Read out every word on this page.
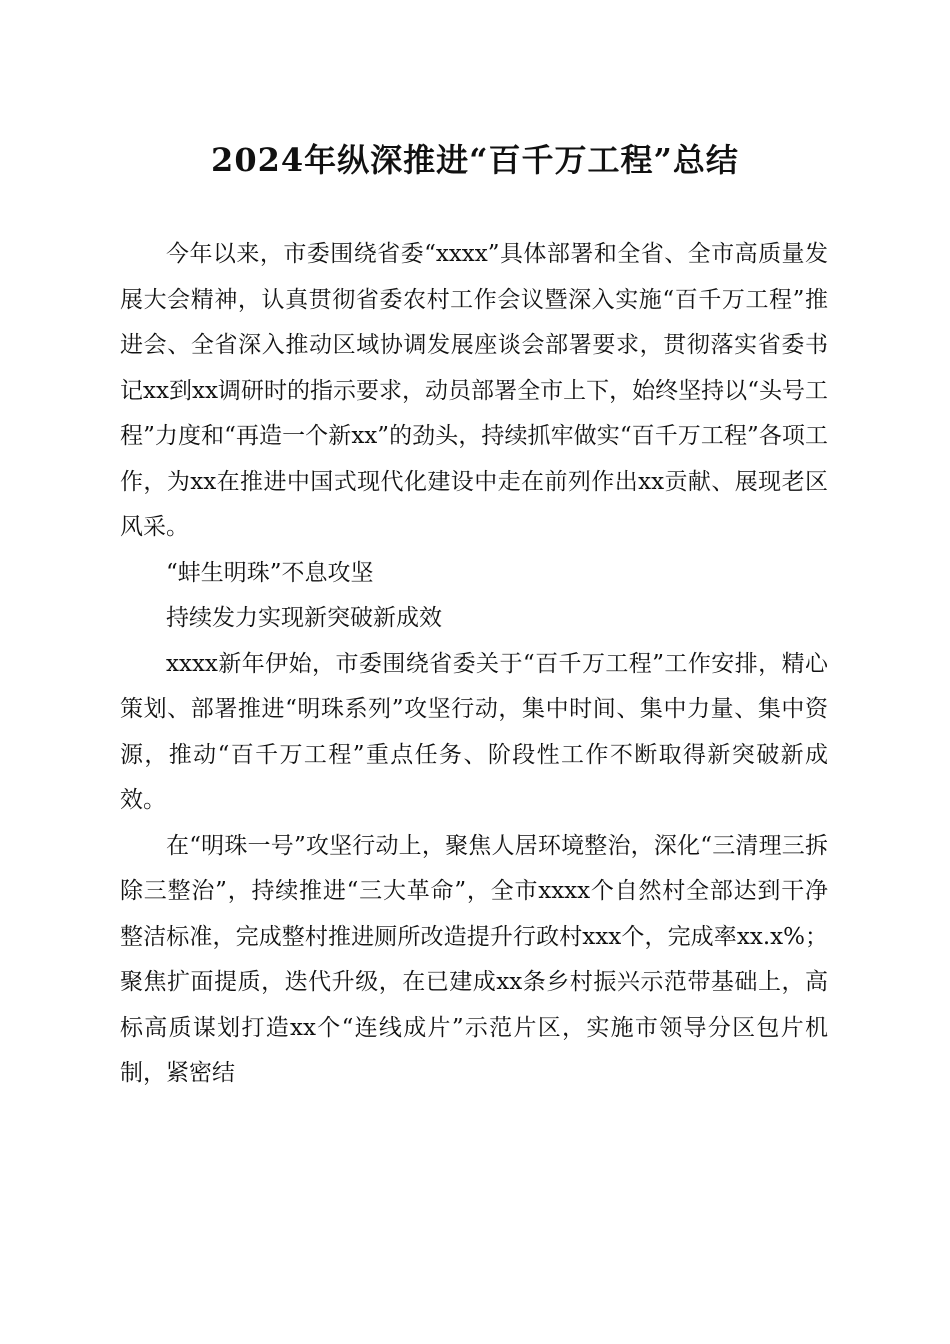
2024年纵深推进“百千万工程”总结

今年以来，市委围绕省委“xxxx”具体部署和全省、全市高质量发展大会精神，认真贯彻省委农村工作会议暨深入实施“百千万工程”推进会、全省深入推动区域协调发展座谈会部署要求，贯彻落实省委书记xx到xx调研时的指示要求，动员部署全市上下，始终坚持以“头号工程”力度和“再造一个新xx”的劲头，持续抓牢做实“百千万工程”各项工作，为xx在推进中国式现代化建设中走在前列作出xx贡献、展现老区风采。

“蚌生明珠”不息攻坚

持续发力实现新突破新成效

xxxx新年伊始，市委围绕省委关于“百千万工程”工作安排，精心策划、部署推进“明珠系列”攻坚行动，集中时间、集中力量、集中资源，推动“百千万工程”重点任务、阶段性工作不断取得新突破新成效。

在“明珠一号”攻坚行动上，聚焦人居环境整治，深化“三清理三拆除三整治”，持续推进“三大革命”，全市xxxx个自然村全部达到干净整洁标准，完成整村推进厕所改造提升行政村xxx个，完成率xx.x%；聚焦扩面提质，迭代升级，在已建成xx条乡村振兴示范带基础上，高标高质谋划打造xx个“连线成片”示范片区，实施市领导分区包片机制，紧密结
